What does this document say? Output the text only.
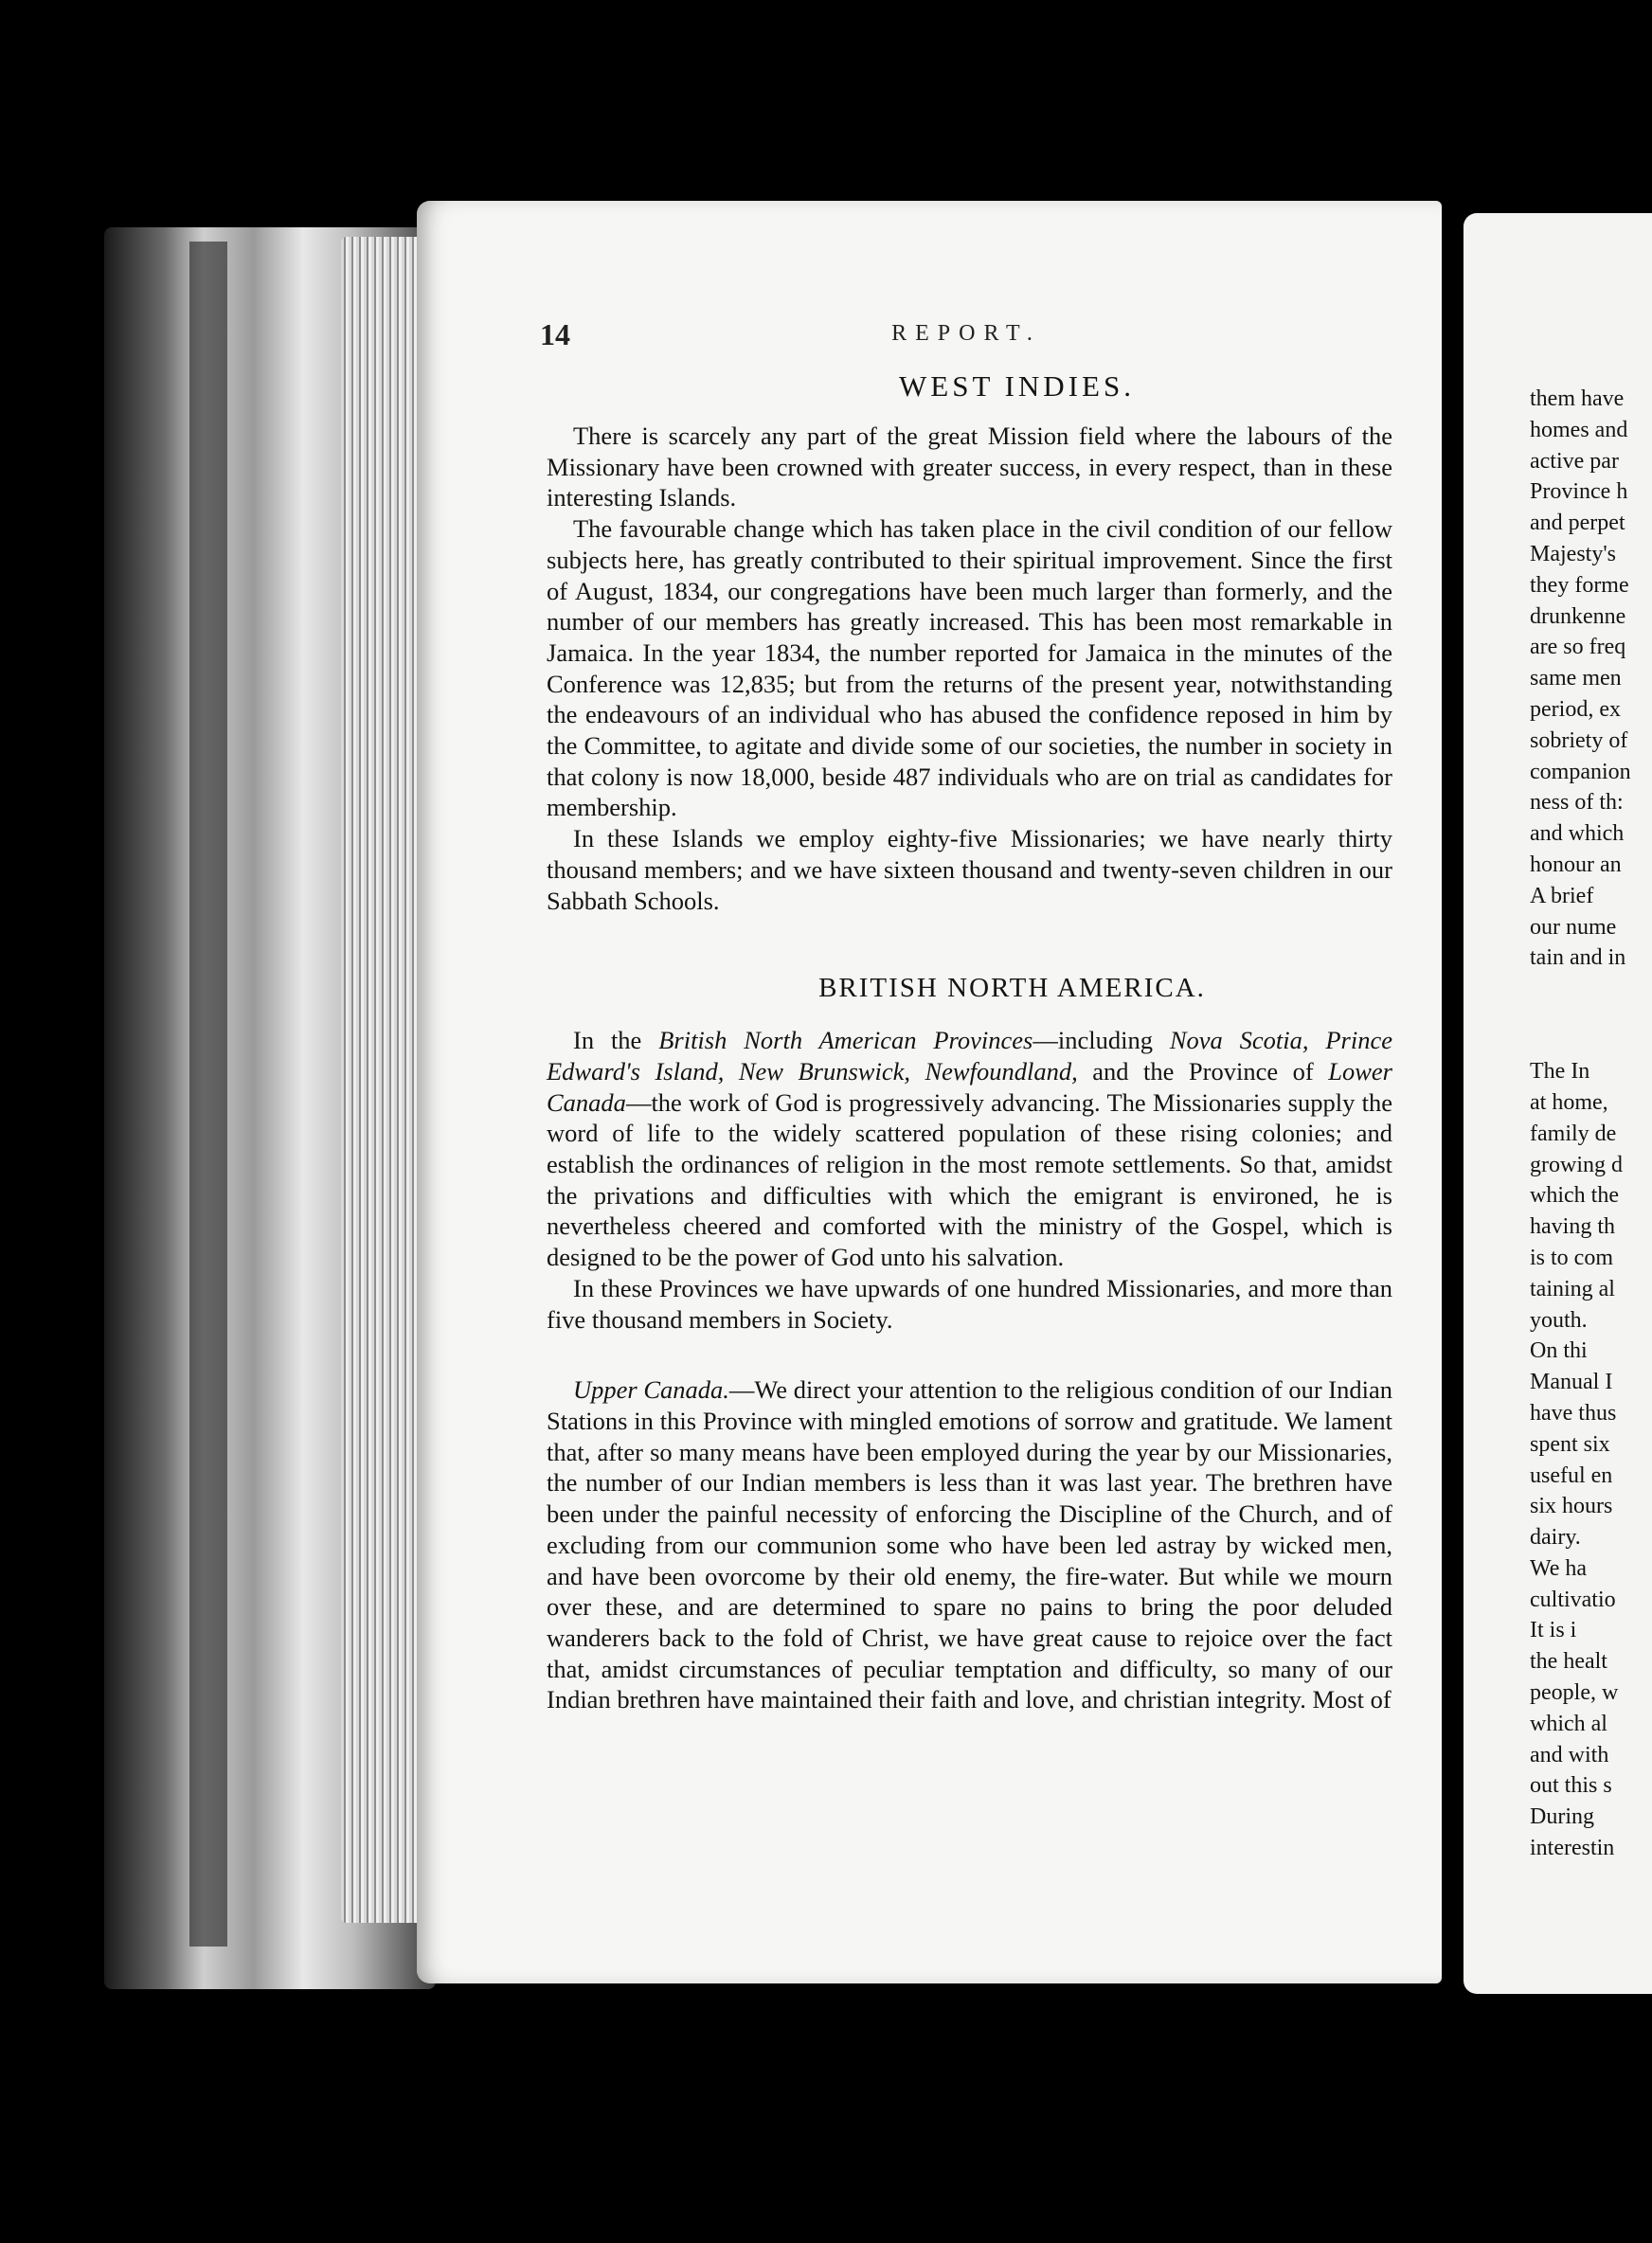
them have
homes and
active par
Province h
and perpet
Majesty's
they forme
drunkenne
are so freq
same men
period, ex
sobriety of
companion
ness of th:
and which
honour an
A brief
our nume
tain and in
The In
at home,
family de
growing d
which the
having th
is to com
taining al
youth.
On thi
Manual I
have thus
spent six
useful en
six hours
dairy.
We ha
cultivatio
It is i
the healt
people, w
which al
and with
out this s
During
interestin
14	REPORT.
WEST INDIES.

There is scarcely any part of the great Mission field where the labours of the Missionary have been crowned with greater success, in every respect, than in these interesting Islands.

The favourable change which has taken place in the civil condition of our fellow subjects here, has greatly contributed to their spiritual improvement. Since the first of August, 1834, our congregations have been much larger than formerly, and the number of our members has greatly increased. This has been most remarkable in Jamaica. In the year 1834, the number reported for Jamaica in the minutes of the Conference was 12,835; but from the returns of the present year, notwithstanding the endeavours of an individual who has abused the confidence reposed in him by the Committee, to agitate and divide some of our societies, the number in society in that colony is now 18,000, beside 487 individuals who are on trial as candidates for membership.

In these Islands we employ eighty-five Missionaries; we have nearly thirty thousand members; and we have sixteen thousand and twenty-seven children in our Sabbath Schools.

BRITISH NORTH AMERICA.

In the British North American Provinces—including Nova Scotia, Prince Edward's Island, New Brunswick, Newfoundland, and the Province of Lower Canada—the work of God is progressively advancing. The Missionaries supply the word of life to the widely scattered population of these rising colonies; and establish the ordinances of religion in the most remote settlements. So that, amidst the privations and difficulties with which the emigrant is environed, he is nevertheless cheered and comforted with the ministry of the Gospel, which is designed to be the power of God unto his salvation.

In these Provinces we have upwards of one hundred Missionaries, and more than five thousand members in Society.

Upper Canada.—We direct your attention to the religious condition of our Indian Stations in this Province with mingled emotions of sorrow and gratitude. We lament that, after so many means have been employed during the year by our Missionaries, the number of our Indian members is less than it was last year. The brethren have been under the painful necessity of enforcing the Discipline of the Church, and of excluding from our communion some who have been led astray by wicked men, and have been ovorcome by their old enemy, the fire-water. But while we mourn over these, and are determined to spare no pains to bring the poor deluded wanderers back to the fold of Christ, we have great cause to rejoice over the fact that, amidst circumstances of peculiar temptation and difficulty, so many of our Indian brethren have maintained their faith and love, and christian integrity. Most of
